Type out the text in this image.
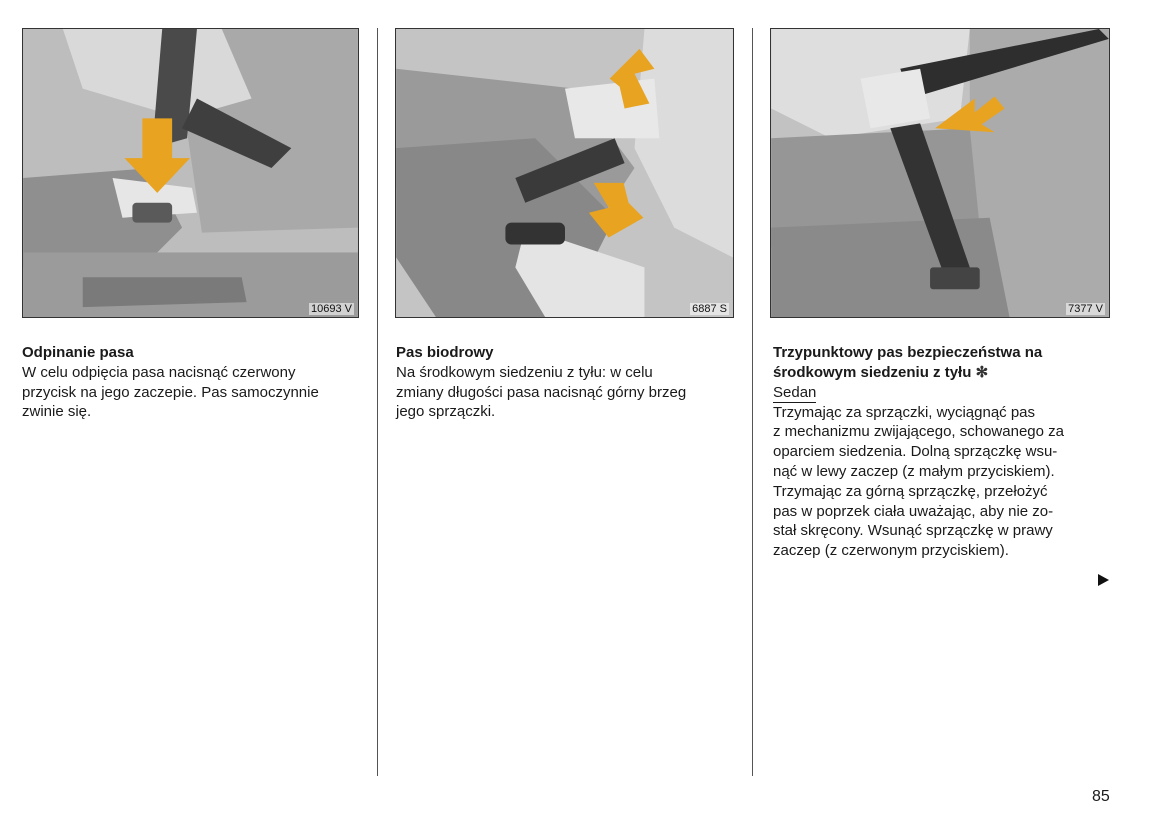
10693 V	6887 S	7377 V

Odpinanie pasa

W celu odpięcia pasa nacisnąć czerwony

przycisk na jego zaczepie. Pas samoczynnie

zwinie się.

Pas biodrowy

Na środkowym siedzeniu z tyłu: w celu

zmiany długości pasa nacisnąć górny brzeg

jego sprzączki.

Trzypunktowy pas bezpieczeństwa na

środkowym siedzeniu z tyłu ✻

Sedan

Trzymając za sprzączki, wyciągnąć pas

z mechanizmu zwijającego, schowanego za

oparciem siedzenia. Dolną sprzączkę wsu-

nąć w lewy zaczep (z małym przyciskiem).

Trzymając za górną sprzączkę, przełożyć

pas w poprzek ciała uważając, aby nie zo-

stał skręcony. Wsunąć sprzączkę w prawy

zaczep (z czerwonym przyciskiem).

85
